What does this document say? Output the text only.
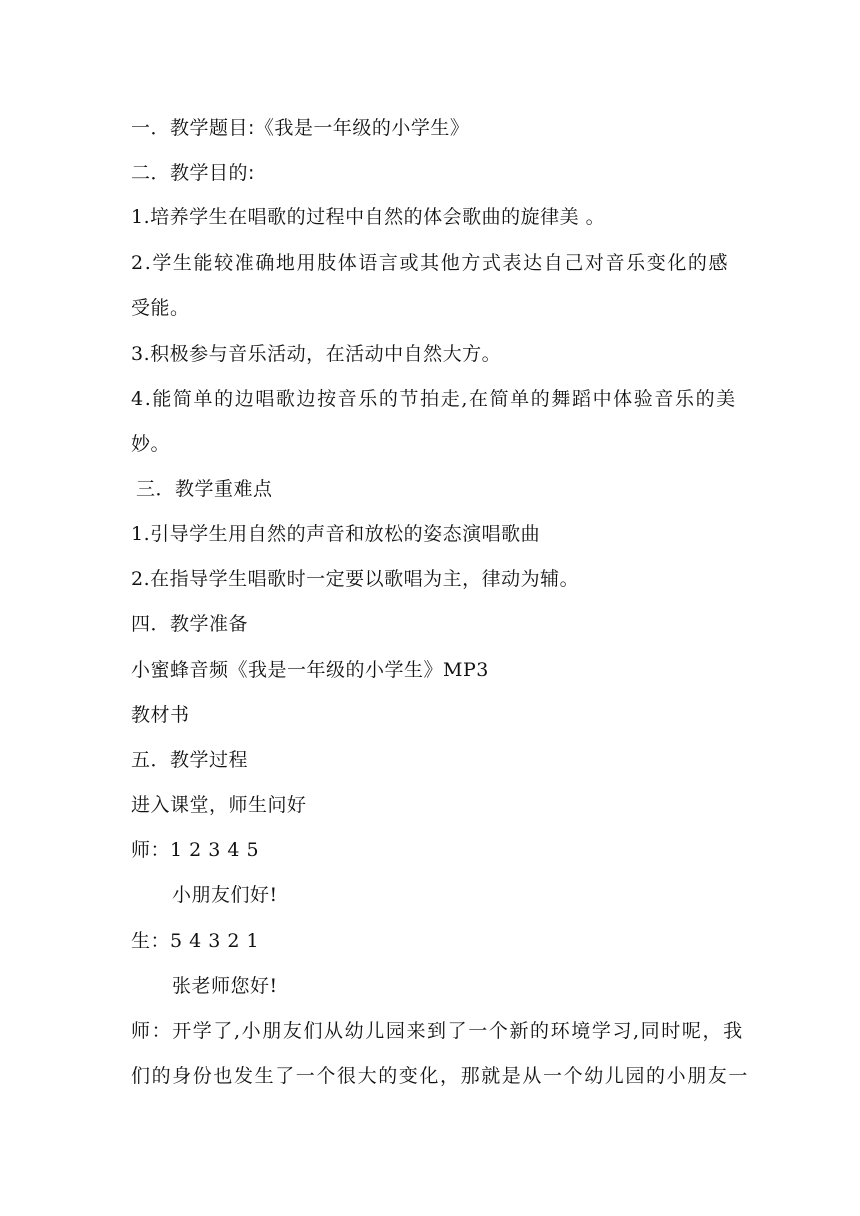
一．教学题目:《我是一年级的小学生》
二．教学目的:
1.培养学生在唱歌的过程中自然的体会歌曲的旋律美 。
2.学生能较准确地用肢体语言或其他方式表达自己对音乐变化的感
受能。
3.积极参与音乐活动，在活动中自然大方。
4.能简单的边唱歌边按音乐的节拍走,在简单的舞蹈中体验音乐的美
妙。
三．教学重难点
1.引导学生用自然的声音和放松的姿态演唱歌曲
2.在指导学生唱歌时一定要以歌唱为主，律动为辅。
四．教学准备
小蜜蜂音频《我是一年级的小学生》MP3
教材书
五．教学过程
进入课堂，师生问好
师：1 2 3 4 5
小朋友们好!
生：5 4 3 2 1
张老师您好!
师：开学了,小朋友们从幼儿园来到了一个新的环境学习,同时呢，我
们的身份也发生了一个很大的变化，那就是从一个幼儿园的小朋友一
